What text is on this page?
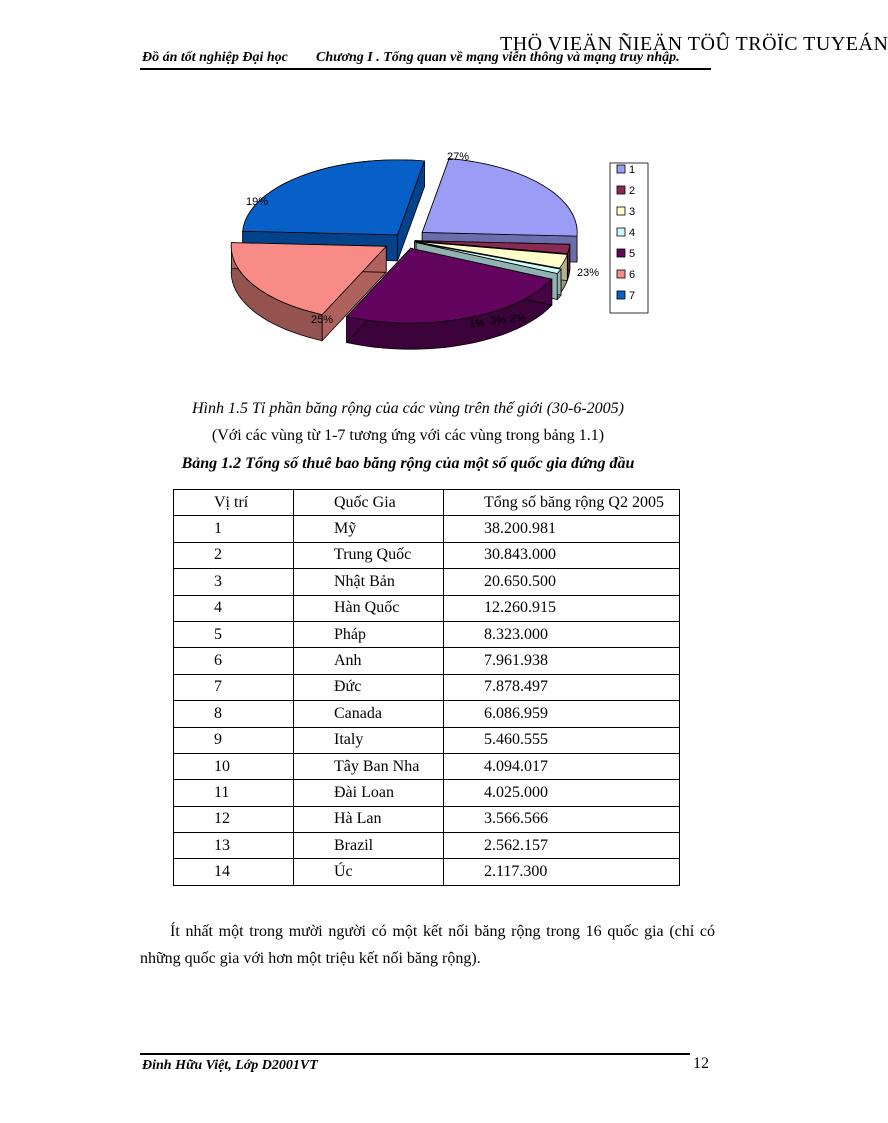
THÖ VIEÄN ÑIEÄN TÖÛ TRÖÏC TUYEÁN
Đồ án tốt nghiệp Đại học Chương I . Tổng quan về mạng viễn thông và mạng truy nhập.
23%
2%
3%
1%
25%
19%
27%
1
2
3
4
5
6
7
Hình 1.5 Tỉ phần băng rộng của các vùng trên thế giới (30-6-2005)
(Với các vùng từ 1-7 tương ứng với các vùng trong bảng 1.1)
Bảng 1.2 Tổng số thuê bao băng rộng của một số quốc gia đứng đầu
Vị trí	Quốc Gia	Tổng số băng rộng Q2 2005
1	Mỹ	38.200.981
2	Trung Quốc	30.843.000
3	Nhật Bản	20.650.500
4	Hàn Quốc	12.260.915
5	Pháp	8.323.000
6	Anh	7.961.938
7	Đức	7.878.497
8	Canada	6.086.959
9	Italy	5.460.555
10	Tây Ban Nha	4.094.017
11	Đài Loan	4.025.000
12	Hà Lan	3.566.566
13	Brazil	2.562.157
14	Úc	2.117.300
Ít nhất một trong mười người có một kết nối băng rộng trong 16 quốc gia (chỉ có những quốc gia với hơn một triệu kết nối băng rộng).
Đinh Hữu Việt, Lớp D2001VT	12
